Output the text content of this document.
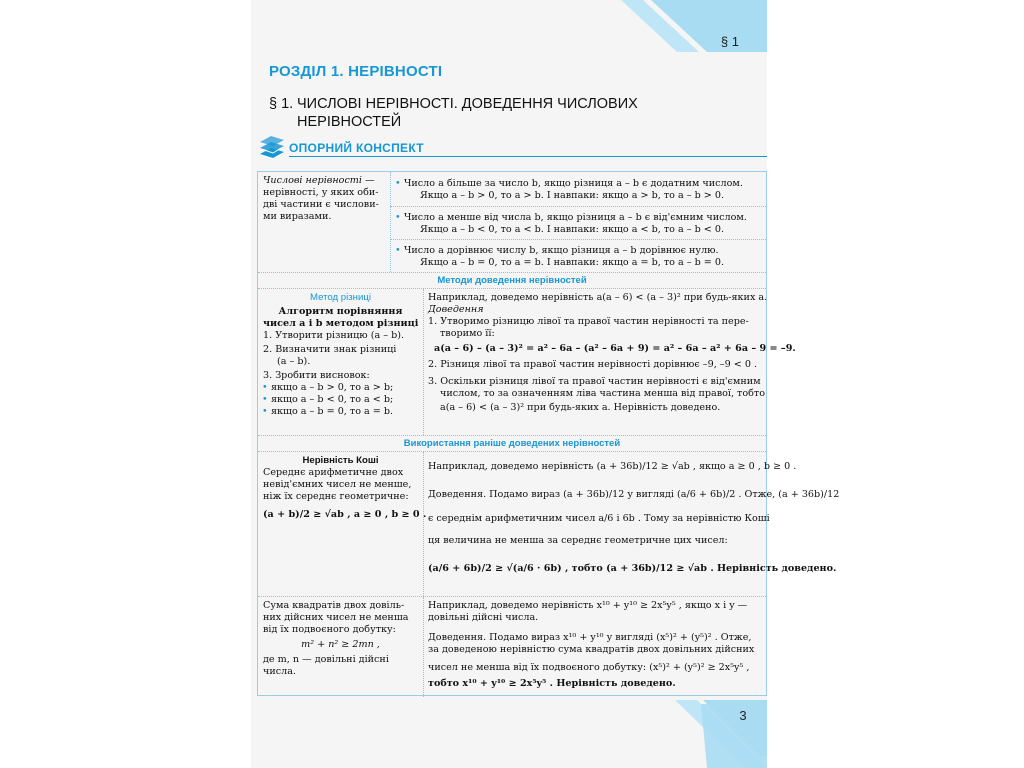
§ 1
РОЗДІЛ 1. НЕРІВНОСТІ
§ 1. ЧИСЛОВІ НЕРІВНОСТІ. ДОВЕДЕННЯ ЧИСЛОВИХ
НЕРІВНОСТЕЙ
ОПОРНИЙ КОНСПЕКТ
Числові нерівності —
нерівності, у яких оби-
дві частини є числови-
ми виразами.
• Число a більше за число b, якщо різниця a – b є додатним числом.
Якщо a – b > 0, то a > b. І навпаки: якщо a > b, то a – b > 0.
• Число a менше від числа b, якщо різниця a – b є від'ємним числом.
Якщо a – b < 0, то a < b. І навпаки: якщо a < b, то a – b < 0.
• Число a дорівнює числу b, якщо різниця a – b дорівнює нулю.
Якщо a – b = 0, то a = b. І навпаки: якщо a = b, то a – b = 0.
Методи доведення нерівностей
Метод різниці
Алгоритм порівняння
чисел a і b методом різниці
1. Утворити різницю (a – b).
2. Визначити знак різниці
(a – b).
3. Зробити висновок:
• якщо a – b > 0, то a > b;
• якщо a – b < 0, то a < b;
• якщо a – b = 0, то a = b.
Наприклад, доведемо нерівність a(a – 6) < (a – 3)² при будь-яких a.
Доведення
1. Утворимо різницю лівої та правої частин нерівності та пере-
творимо її:
a(a – 6) – (a – 3)² = a² – 6a – (a² – 6a + 9) = a² – 6a – a² + 6a – 9 = –9.
2. Різниця лівої та правої частин нерівності дорівнює –9, –9 < 0 .
3. Оскільки різниця лівої та правої частин нерівності є від'ємним
числом, то за означенням ліва частина менша від правої, тобто
a(a – 6) < (a – 3)² при будь-яких a. Нерівність доведено.
Використання раніше доведених нерівностей
Нерівність Коші
Середнє арифметичне двох
невід'ємних чисел не менше,
ніж їх середнє геометричне:
(a + b)/2 ≥ √ab , a ≥ 0 , b ≥ 0 .
Наприклад, доведемо нерівність (a + 36b)/12 ≥ √ab , якщо a ≥ 0 , b ≥ 0 .
Доведення. Подамо вираз (a + 36b)/12 у вигляді (a/6 + 6b)/2 . Отже, (a + 36b)/12
є середнім арифметичним чисел a/6 і 6b . Тому за нерівністю Коші
ця величина не менша за середнє геометричне цих чисел:
(a/6 + 6b)/2 ≥ √(a/6 · 6b) , тобто (a + 36b)/12 ≥ √ab . Нерівність доведено.
Сума квадратів двох довіль-
них дійсних чисел не менша
від їх подвоєного добутку:
m² + n² ≥ 2mn ,
де m, n — довільні дійсні
числа.
Наприклад, доведемо нерівність x¹⁰ + y¹⁰ ≥ 2x⁵y⁵ , якщо x і y —
довільні дійсні числа.
Доведення. Подамо вираз x¹⁰ + y¹⁰ у вигляді (x⁵)² + (y⁵)² . Отже,
за доведеною нерівністю сума квадратів двох довільних дійсних
чисел не менша від їх подвоєного добутку: (x⁵)² + (y⁵)² ≥ 2x⁵y⁵ ,
тобто x¹⁰ + y¹⁰ ≥ 2x⁵y⁵ . Нерівність доведено.
3
